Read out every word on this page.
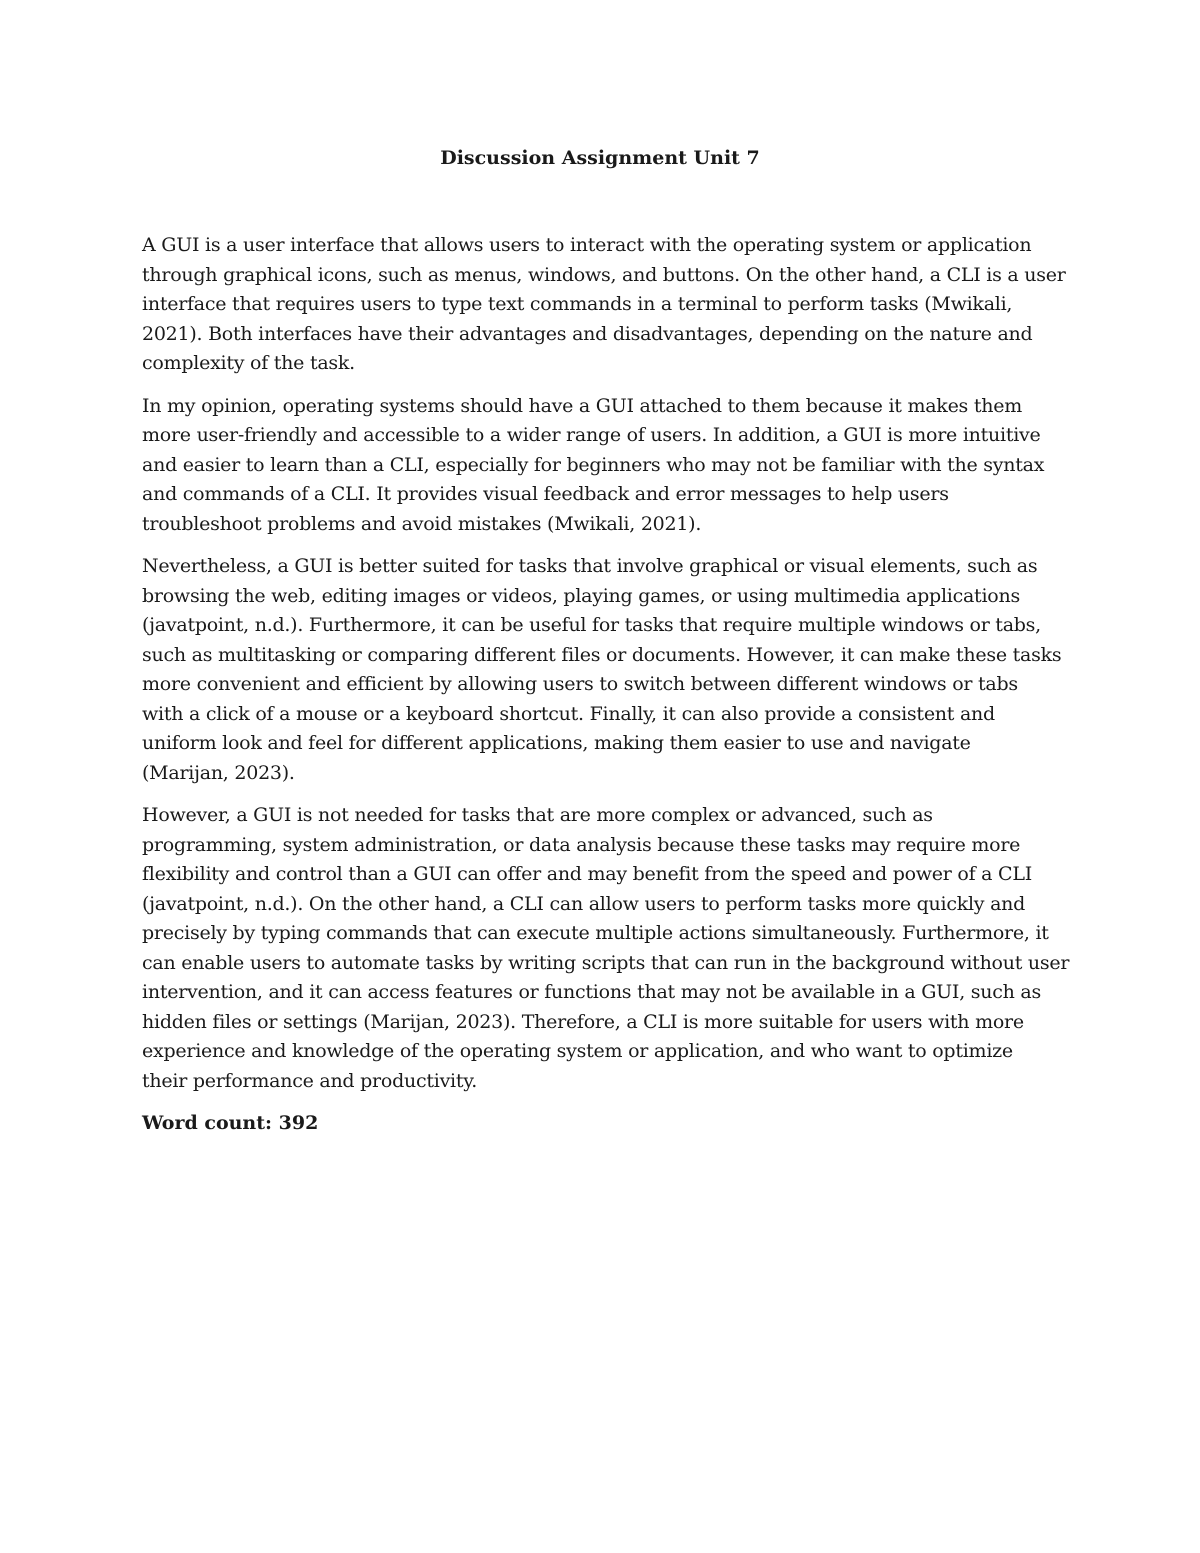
Discussion Assignment Unit 7

A GUI is a user interface that allows users to interact with the operating system or application
through graphical icons, such as menus, windows, and buttons. On the other hand, a CLI is a user
interface that requires users to type text commands in a terminal to perform tasks (Mwikali,
2021). Both interfaces have their advantages and disadvantages, depending on the nature and
complexity of the task.

In my opinion, operating systems should have a GUI attached to them because it makes them
more user-friendly and accessible to a wider range of users. In addition, a GUI is more intuitive
and easier to learn than a CLI, especially for beginners who may not be familiar with the syntax
and commands of a CLI. It provides visual feedback and error messages to help users
troubleshoot problems and avoid mistakes (Mwikali, 2021).

Nevertheless, a GUI is better suited for tasks that involve graphical or visual elements, such as
browsing the web, editing images or videos, playing games, or using multimedia applications
(javatpoint, n.d.). Furthermore, it can be useful for tasks that require multiple windows or tabs,
such as multitasking or comparing different files or documents. However, it can make these tasks
more convenient and efficient by allowing users to switch between different windows or tabs
with a click of a mouse or a keyboard shortcut. Finally, it can also provide a consistent and
uniform look and feel for different applications, making them easier to use and navigate
(Marijan, 2023).

However, a GUI is not needed for tasks that are more complex or advanced, such as
programming, system administration, or data analysis because these tasks may require more
flexibility and control than a GUI can offer and may benefit from the speed and power of a CLI
(javatpoint, n.d.). On the other hand, a CLI can allow users to perform tasks more quickly and
precisely by typing commands that can execute multiple actions simultaneously. Furthermore, it
can enable users to automate tasks by writing scripts that can run in the background without user
intervention, and it can access features or functions that may not be available in a GUI, such as
hidden files or settings (Marijan, 2023). Therefore, a CLI is more suitable for users with more
experience and knowledge of the operating system or application, and who want to optimize
their performance and productivity.

Word count: 392
